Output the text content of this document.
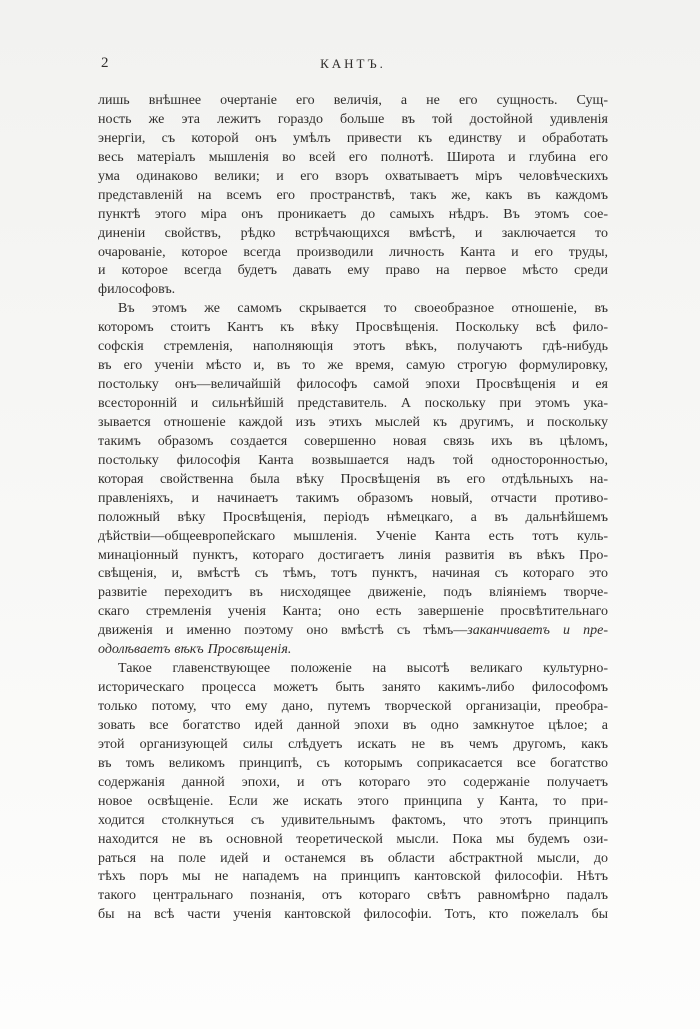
2	КАНТЪ.
лишь внѣшнее очертаніе его величія, а не его сущность. Сущ-
ность же эта лежитъ гораздо больше въ той достойной удивленія
энергіи, съ которой онъ умѣлъ привести къ единству и обработать
весь матеріалъ мышленія во всей его полнотѣ. Широта и глубина его
ума одинаково велики; и его взоръ охватываетъ міръ человѣческихъ
представленій на всемъ его пространствѣ, такъ же, какъ въ каждомъ
пунктѣ этого міра онъ проникаетъ до самыхъ нѣдръ. Въ этомъ сое-
диненіи свойствъ, рѣдко встрѣчающихся вмѣстѣ, и заключается то
очарованіе, которое всегда производили личность Канта и его труды,
и которое всегда будетъ давать ему право на первое мѣсто среди
философовъ.
Въ этомъ же самомъ скрывается то своеобразное отношеніе, въ
которомъ стоитъ Кантъ къ вѣку Просвѣщенія. Поскольку всѣ фило-
софскія стремленія, наполняющія этотъ вѣкъ, получаютъ гдѣ-нибудь
въ его ученіи мѣсто и, въ то же время, самую строгую формулировку,
постольку онъ—величайшій философъ самой эпохи Просвѣщенія и ея
всесторонній и сильнѣйшій представитель. А поскольку при этомъ ука-
зывается отношеніе каждой изъ этихъ мыслей къ другимъ, и поскольку
такимъ образомъ создается совершенно новая связь ихъ въ цѣломъ,
постольку философія Канта возвышается надъ той односторонностью,
которая свойственна была вѣку Просвѣщенія въ его отдѣльныхъ на-
правленіяхъ, и начинаетъ такимъ образомъ новый, отчасти противо-
положный вѣку Просвѣщенія, періодъ нѣмецкаго, а въ дальнѣйшемъ
дѣйствіи—общеевропейскаго мышленія. Ученіе Канта есть тотъ куль-
минаціонный пунктъ, котораго достигаетъ линія развитія въ вѣкъ Про-
свѣщенія, и, вмѣстѣ съ тѣмъ, тотъ пунктъ, начиная съ котораго это
развитіе переходитъ въ нисходящее движеніе, подъ вліяніемъ творче-
скаго стремленія ученія Канта; оно есть завершеніе просвѣтительнаго
движенія и именно поэтому оно вмѣстѣ съ тѣмъ—заканчиваетъ и пре-
одолѣваетъ вѣкъ Просвѣщенія.
Такое главенствующее положеніе на высотѣ великаго культурно-
историческаго процесса можетъ быть занято какимъ-либо философомъ
только потому, что ему дано, путемъ творческой организаціи, преобра-
зовать все богатство идей данной эпохи въ одно замкнутое цѣлое; а
этой организующей силы слѣдуетъ искать не въ чемъ другомъ, какъ
въ томъ великомъ принципѣ, съ которымъ соприкасается все богатство
содержанія данной эпохи, и отъ котораго это содержаніе получаетъ
новое освѣщеніе. Если же искать этого принципа у Канта, то при-
ходится столкнуться съ удивительнымъ фактомъ, что этотъ принципъ
находится не въ основной теоретической мысли. Пока мы будемъ ози-
раться на поле идей и останемся въ области абстрактной мысли, до
тѣхъ поръ мы не нападемъ на принципъ кантовской философіи. Нѣтъ
такого центральнаго познанія, отъ котораго свѣтъ равномѣрно падалъ
бы на всѣ части ученія кантовской философіи. Тотъ, кто пожелалъ бы
